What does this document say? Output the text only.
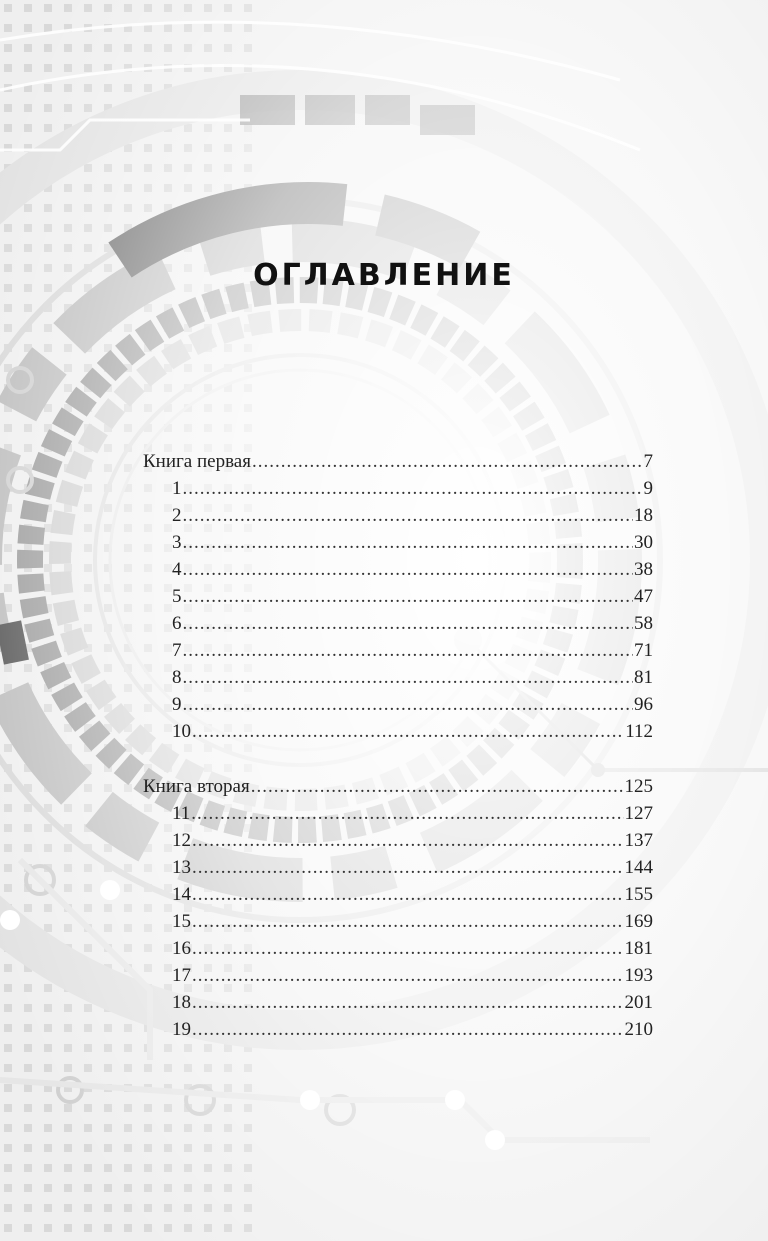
ОГЛАВЛЕНИЕ
Книга первая .....	7
1 .....	9
2 .....	18
3 .....	30
4 .....	38
5 .....	47
6 .....	58
7 .....	71
8 .....	81
9 .....	96
10 .....	112
Книга вторая .....	125
11 .....	127
12 .....	137
13 .....	144
14 .....	155
15 .....	169
16 .....	181
17 .....	193
18 .....	201
19 .....	210
